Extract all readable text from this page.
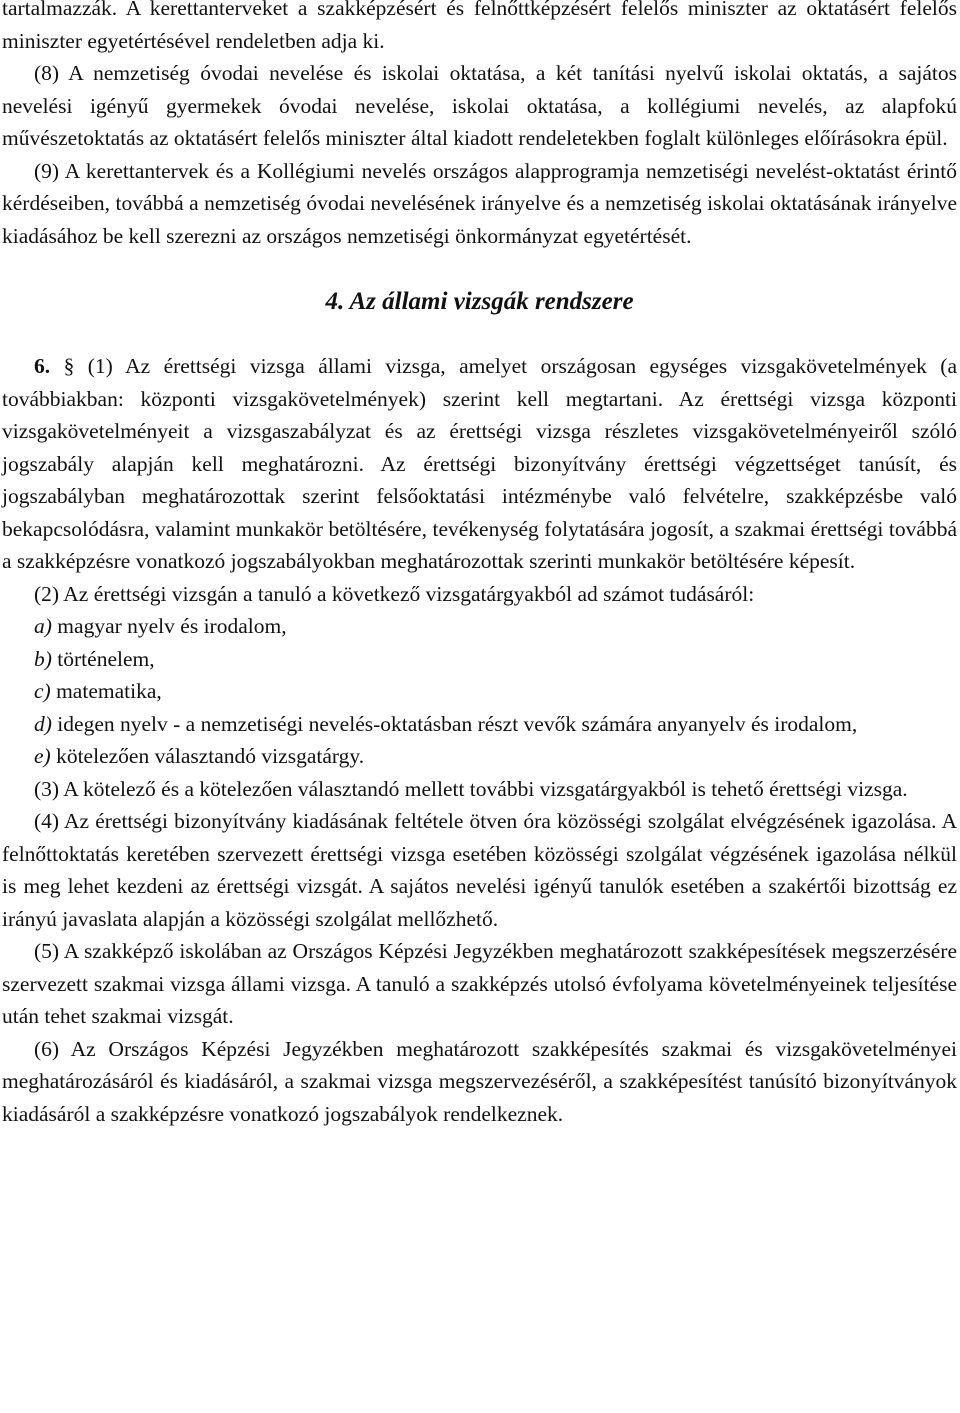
tartalmazzák. A kerettanterveket a szakképzésért és felnőttképzésért felelős miniszter az oktatásért felelős miniszter egyetértésével rendeletben adja ki.

(8) A nemzetiség óvodai nevelése és iskolai oktatása, a két tanítási nyelvű iskolai oktatás, a sajátos nevelési igényű gyermekek óvodai nevelése, iskolai oktatása, a kollégiumi nevelés, az alapfokú művészetoktatás az oktatásért felelős miniszter által kiadott rendeletekben foglalt különleges előírásokra épül.

(9) A kerettantervek és a Kollégiumi nevelés országos alapprogramja nemzetiségi nevelést-oktatást érintő kérdéseiben, továbbá a nemzetiség óvodai nevelésének irányelve és a nemzetiség iskolai oktatásának irányelve kiadásához be kell szerezni az országos nemzetiségi önkormányzat egyetértését.

4. Az állami vizsgák rendszere

6. § (1) Az érettségi vizsga állami vizsga, amelyet országosan egységes vizsgakövetelmények (a továbbiakban: központi vizsgakövetelmények) szerint kell megtartani. Az érettségi vizsga központi vizsgakövetelményeit a vizsgaszabályzat és az érettségi vizsga részletes vizsgakövetelményeiről szóló jogszabály alapján kell meghatározni. Az érettségi bizonyítvány érettségi végzettséget tanúsít, és jogszabályban meghatározottak szerint felsőoktatási intézménybe való felvételre, szakképzésbe való bekapcsolódásra, valamint munkakör betöltésére, tevékenység folytatására jogosít, a szakmai érettségi továbbá a szakképzésre vonatkozó jogszabályokban meghatározottak szerinti munkakör betöltésére képesít.

(2) Az érettségi vizsgán a tanuló a következő vizsgatárgyakból ad számot tudásáról:

a) magyar nyelv és irodalom,

b) történelem,

c) matematika,

d) idegen nyelv - a nemzetiségi nevelés-oktatásban részt vevők számára anyanyelv és irodalom,

e) kötelezően választandó vizsgatárgy.

(3) A kötelező és a kötelezően választandó mellett további vizsgatárgyakból is tehető érettségi vizsga.

(4) Az érettségi bizonyítvány kiadásának feltétele ötven óra közösségi szolgálat elvégzésének igazolása. A felnőttoktatás keretében szervezett érettségi vizsga esetében közösségi szolgálat végzésének igazolása nélkül is meg lehet kezdeni az érettségi vizsgát. A sajátos nevelési igényű tanulók esetében a szakértői bizottság ez irányú javaslata alapján a közösségi szolgálat mellőzhető.

(5) A szakképző iskolában az Országos Képzési Jegyzékben meghatározott szakképesítések megszerzésére szervezett szakmai vizsga állami vizsga. A tanuló a szakképzés utolsó évfolyama követelményeinek teljesítése után tehet szakmai vizsgát.

(6) Az Országos Képzési Jegyzékben meghatározott szakképesítés szakmai és vizsgakövetelményei meghatározásáról és kiadásáról, a szakmai vizsga megszervezéséről, a szakképesítést tanúsító bizonyítványok kiadásáról a szakképzésre vonatkozó jogszabályok rendelkeznek.
